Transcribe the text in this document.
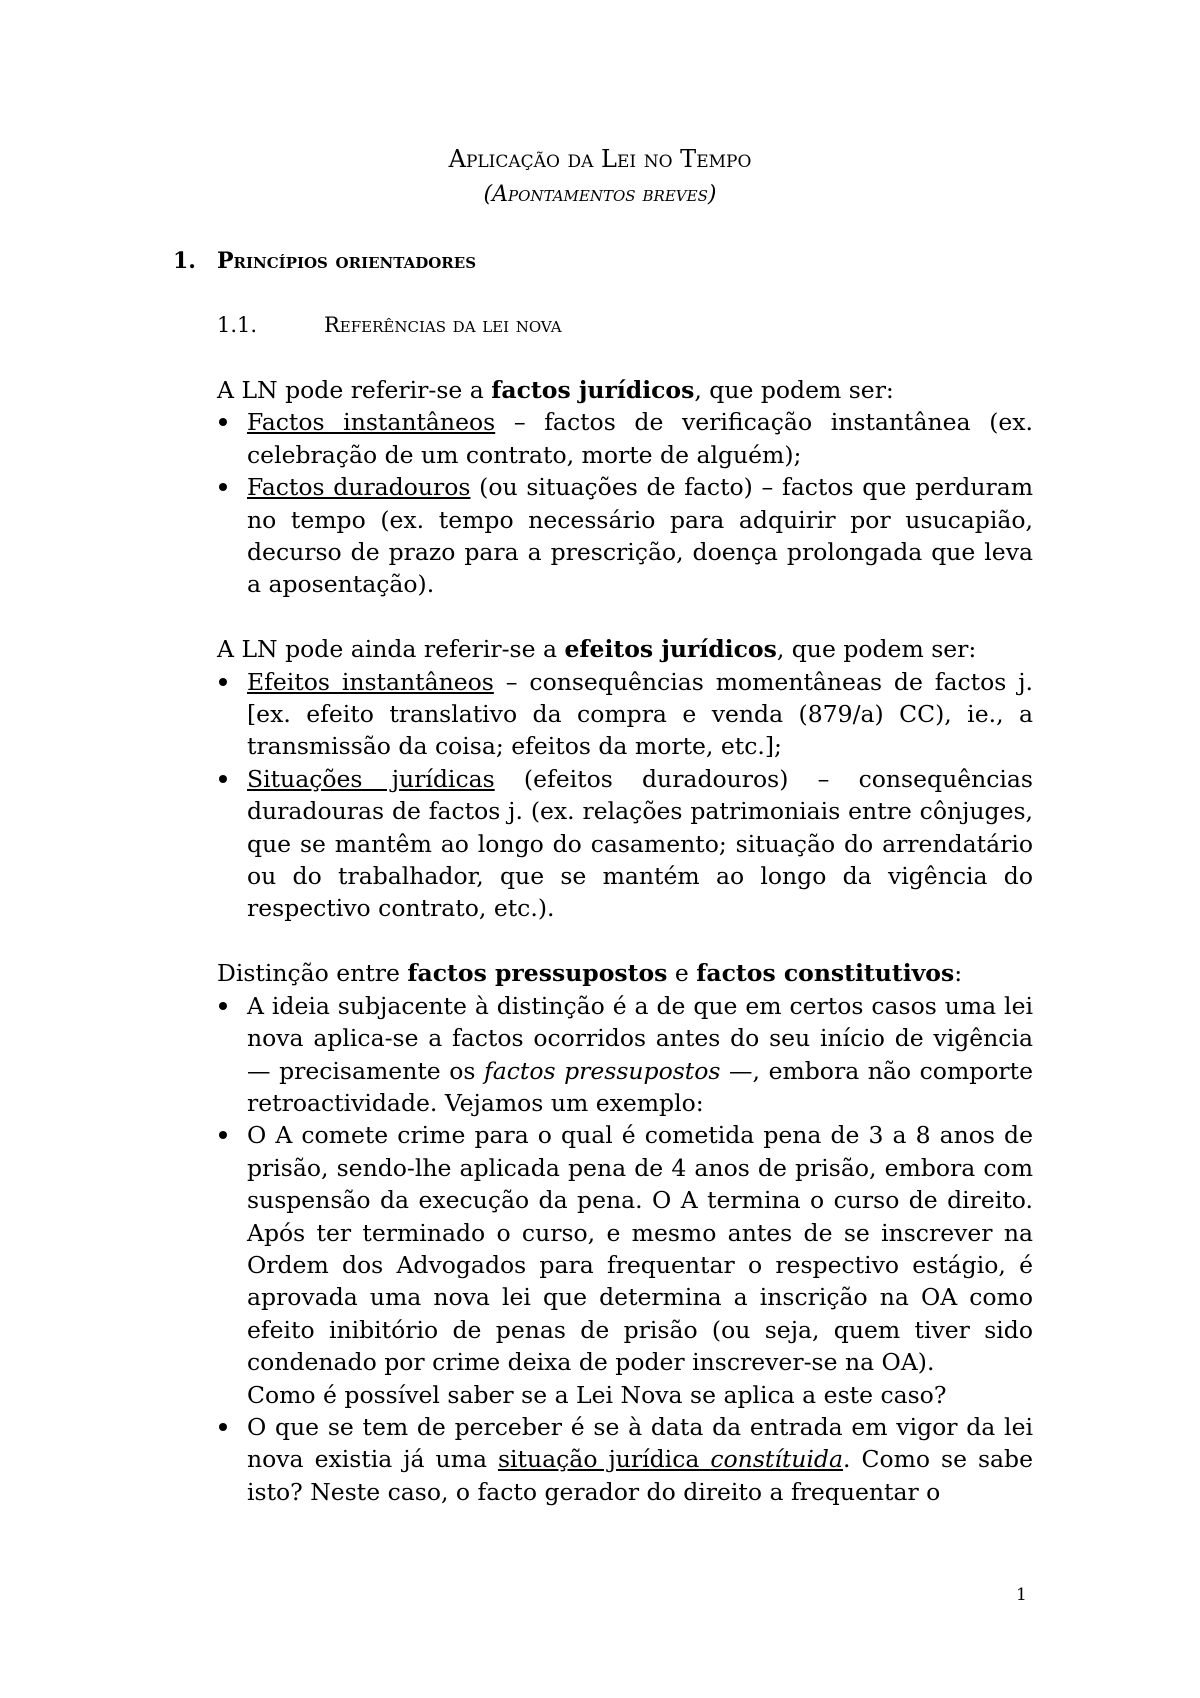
Aplicação da Lei no Tempo
(Apontamentos breves)
1. Princípios orientadores
1.1.	Referências da lei nova

A LN pode referir-se a factos jurídicos, que podem ser:

Factos instantâneos – factos de verificação instantânea (ex. celebração de um contrato, morte de alguém);
Factos duradouros (ou situações de facto) – factos que perduram no tempo (ex. tempo necessário para adquirir por usucapião, decurso de prazo para a prescrição, doença prolongada que leva a aposentação).

A LN pode ainda referir-se a efeitos jurídicos, que podem ser:

Efeitos instantâneos – consequências momentâneas de factos j. [ex. efeito translativo da compra e venda (879/a) CC), ie., a transmissão da coisa; efeitos da morte, etc.];
Situações jurídicas (efeitos duradouros) – consequências duradouras de factos j. (ex. relações patrimoniais entre cônjuges, que se mantêm ao longo do casamento; situação do arrendatário ou do trabalhador, que se mantém ao longo da vigência do respectivo contrato, etc.).

Distinção entre factos pressupostos e factos constitutivos:

A ideia subjacente à distinção é a de que em certos casos uma lei nova aplica-se a factos ocorridos antes do seu início de vigência — precisamente os factos pressupostos —, embora não comporte retroactividade. Vejamos um exemplo:
O A comete crime para o qual é cometida pena de 3 a 8 anos de prisão, sendo-lhe aplicada pena de 4 anos de prisão, embora com suspensão da execução da pena. O A termina o curso de direito. Após ter terminado o curso, e mesmo antes de se inscrever na Ordem dos Advogados para frequentar o respectivo estágio, é aprovada uma nova lei que determina a inscrição na OA como efeito inibitório de penas de prisão (ou seja, quem tiver sido condenado por crime deixa de poder inscrever-se na OA).
Como é possível saber se a Lei Nova se aplica a este caso?
O que se tem de perceber é se à data da entrada em vigor da lei nova existia já uma situação jurídica constítuida. Como se sabe isto? Neste caso, o facto gerador do direito a frequentar o
1
